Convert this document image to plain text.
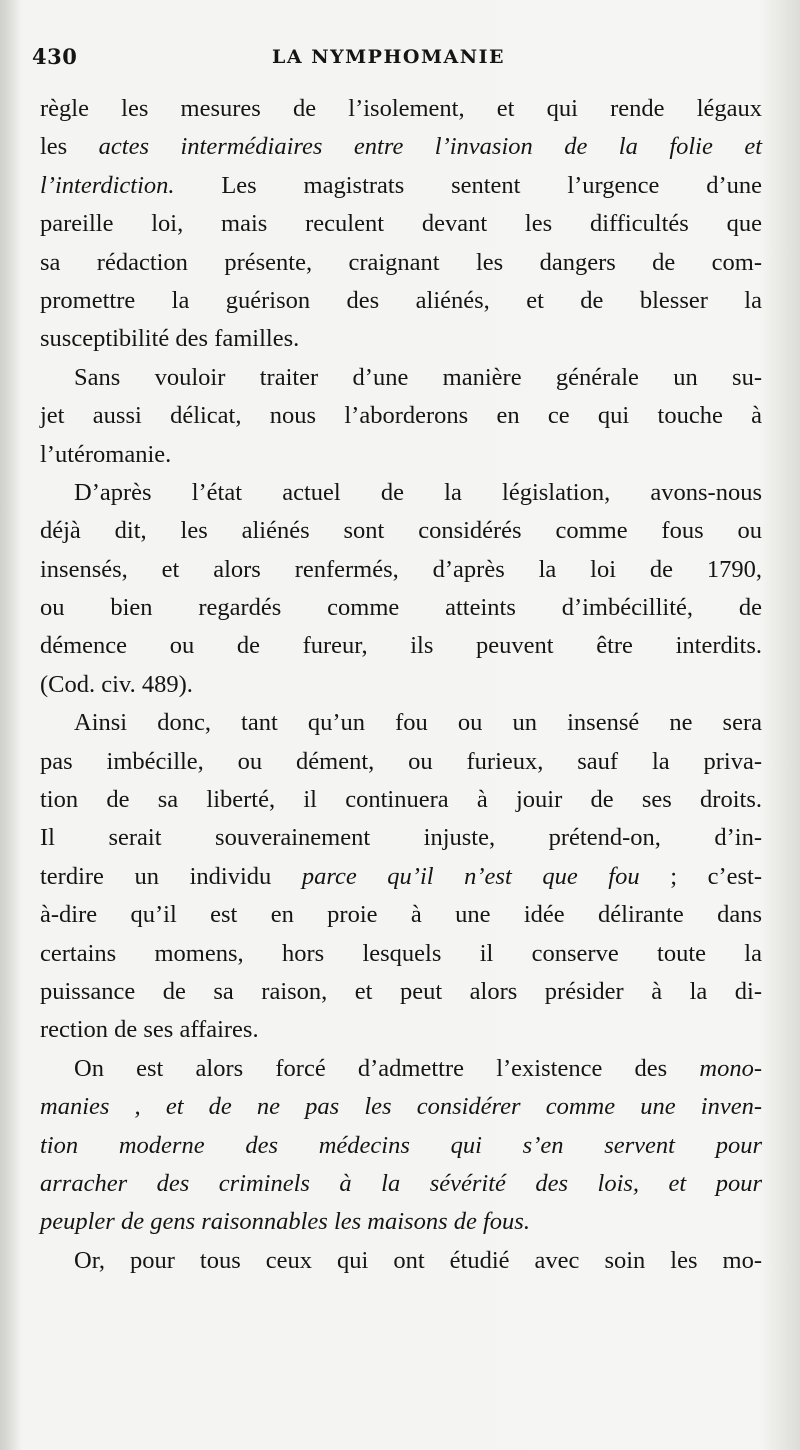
430	LA NYMPHOMANIE
règle les mesures de l’isolement, et qui rende légaux
les actes intermédiaires entre l’invasion de la folie et
l’interdiction. Les magistrats sentent l’urgence d’une
pareille loi, mais reculent devant les difficultés que
sa rédaction présente, craignant les dangers de com-
promettre la guérison des aliénés, et de blesser la
susceptibilité des familles.
Sans vouloir traiter d’une manière générale un su-
jet aussi délicat, nous l’aborderons en ce qui touche à
l’utéromanie.
D’après l’état actuel de la législation, avons-nous
déjà dit, les aliénés sont considérés comme fous ou
insensés, et alors renfermés, d’après la loi de 1790,
ou bien regardés comme atteints d’imbécillité, de
démence ou de fureur, ils peuvent être interdits.
(Cod. civ. 489).
Ainsi donc, tant qu’un fou ou un insensé ne sera
pas imbécille, ou dément, ou furieux, sauf la priva-
tion de sa liberté, il continuera à jouir de ses droits.
Il serait souverainement injuste, prétend-on, d’in-
terdire un individu parce qu’il n’est que fou ; c’est-
à-dire qu’il est en proie à une idée délirante dans
certains momens, hors lesquels il conserve toute la
puissance de sa raison, et peut alors présider à la di-
rection de ses affaires.
On est alors forcé d’admettre l’existence des mono-
manies , et de ne pas les considérer comme une inven-
tion moderne des médecins qui s’en servent pour
arracher des criminels à la sévérité des lois, et pour
peupler de gens raisonnables les maisons de fous.
Or, pour tous ceux qui ont étudié avec soin les mo-
